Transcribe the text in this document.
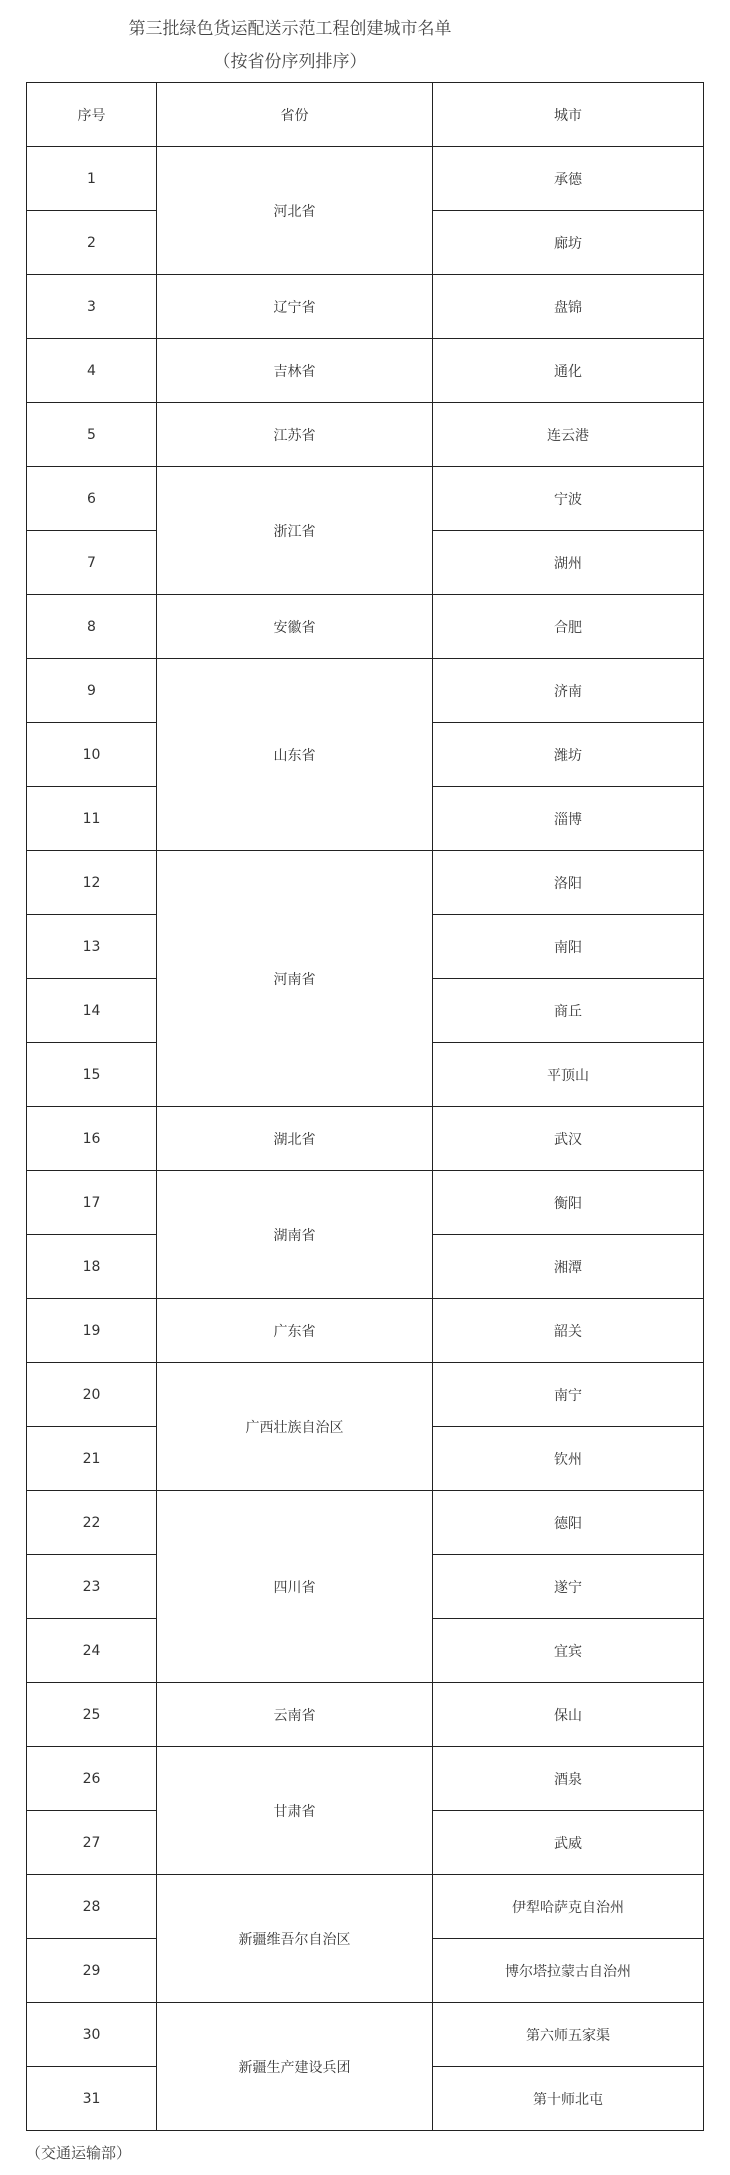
第三批绿色货运配送示范工程创建城市名单
（按省份序列排序）
序号	省份	城市
1	河北省	承德
2		廊坊
3	辽宁省	盘锦
4	吉林省	通化
5	江苏省	连云港
6	浙江省	宁波
7		湖州
8	安徽省	合肥
9	山东省	济南
10		潍坊
11		淄博
12	河南省	洛阳
13		南阳
14		商丘
15		平顶山
16	湖北省	武汉
17	湖南省	衡阳
18		湘潭
19	广东省	韶关
20	广西壮族自治区	南宁
21		钦州
22	四川省	德阳
23		遂宁
24		宜宾
25	云南省	保山
26	甘肃省	酒泉
27		武威
28	新疆维吾尔自治区	伊犁哈萨克自治州
29		博尔塔拉蒙古自治州
30	新疆生产建设兵团	第六师五家渠
31		第十师北屯
（交通运输部）
